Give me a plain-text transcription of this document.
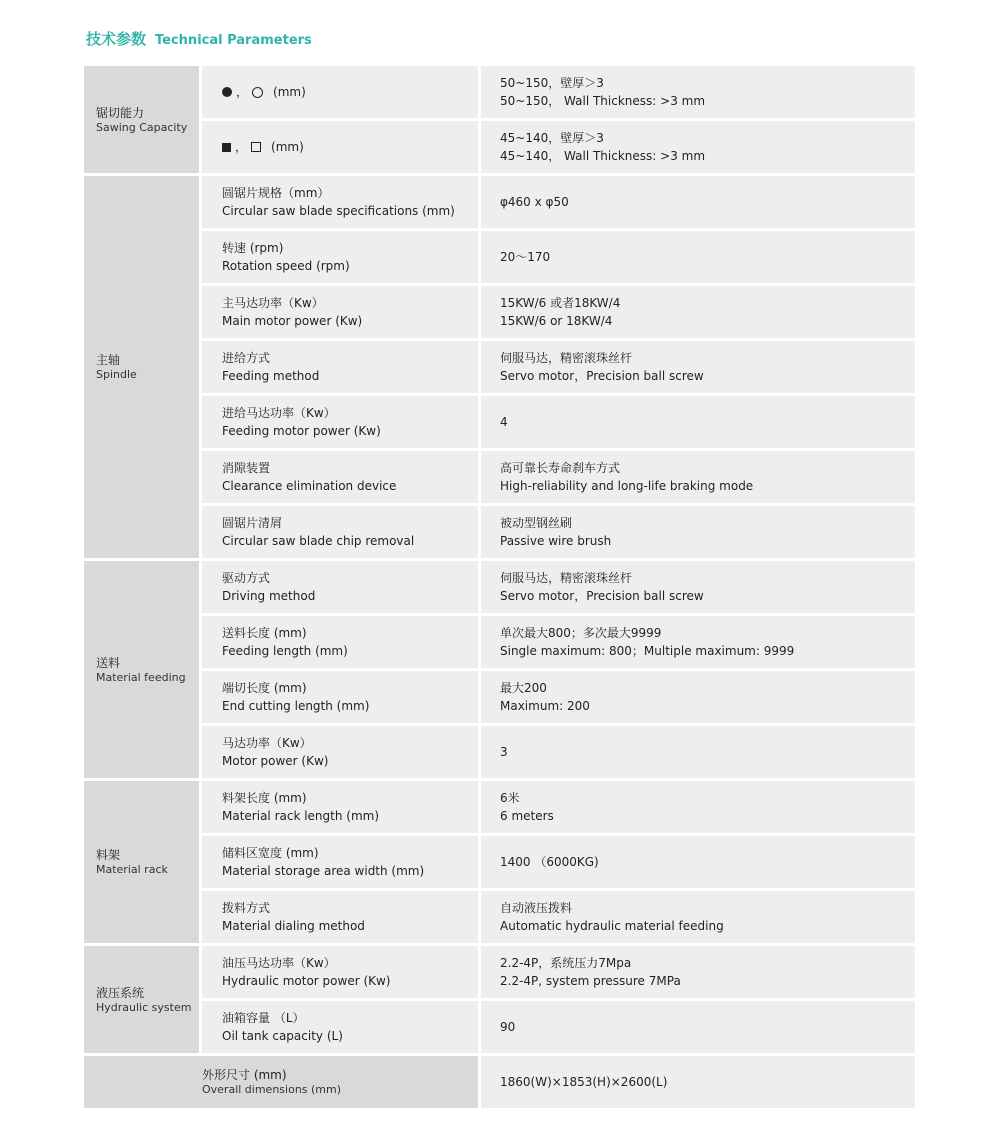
技术参数 Technical Parameters
锯切能力
Sawing Capacity
， (mm)
50~150，壁厚＞3
50~150， Wall Thickness: >3 mm
， (mm)
45~140，壁厚＞3
45~140， Wall Thickness: >3 mm
主轴
Spindle
圆锯片规格（mm）
Circular saw blade specifications (mm)
φ460 x φ50
转速 (rpm)
Rotation speed (rpm)
20～170
主马达功率（Kw）
Main motor power (Kw)
15KW/6 或者18KW/4
15KW/6 or 18KW/4
进给方式
Feeding method
伺服马达，精密滚珠丝杆
Servo motor，Precision ball screw
进给马达功率（Kw）
Feeding motor power (Kw)
4
消隙装置
Clearance elimination device
高可靠长寿命刹车方式
High-reliability and long-life braking mode
圆锯片清屑
Circular saw blade chip removal
被动型钢丝刷
Passive wire brush
送料
Material feeding
驱动方式
Driving method
伺服马达，精密滚珠丝杆
Servo motor，Precision ball screw
送料长度 (mm)
Feeding length (mm)
单次最大800；多次最大9999
Single maximum: 800；Multiple maximum: 9999
端切长度 (mm)
End cutting length (mm)
最大200
Maximum: 200
马达功率（Kw）
Motor power (Kw)
3
料架
Material rack
料架长度 (mm)
Material rack length (mm)
6米
6 meters
储料区宽度 (mm)
Material storage area width (mm)
1400 （6000KG)
拨料方式
Material dialing method
自动液压拨料
Automatic hydraulic material feeding
液压系统
Hydraulic system
油压马达功率（Kw）
Hydraulic motor power (Kw)
2.2-4P，系统压力7Mpa
2.2-4P, system pressure 7MPa
油箱容量 （L）
Oil tank capacity (L)
90
外形尺寸 (mm)
Overall dimensions (mm)
1860(W)×1853(H)×2600(L)
